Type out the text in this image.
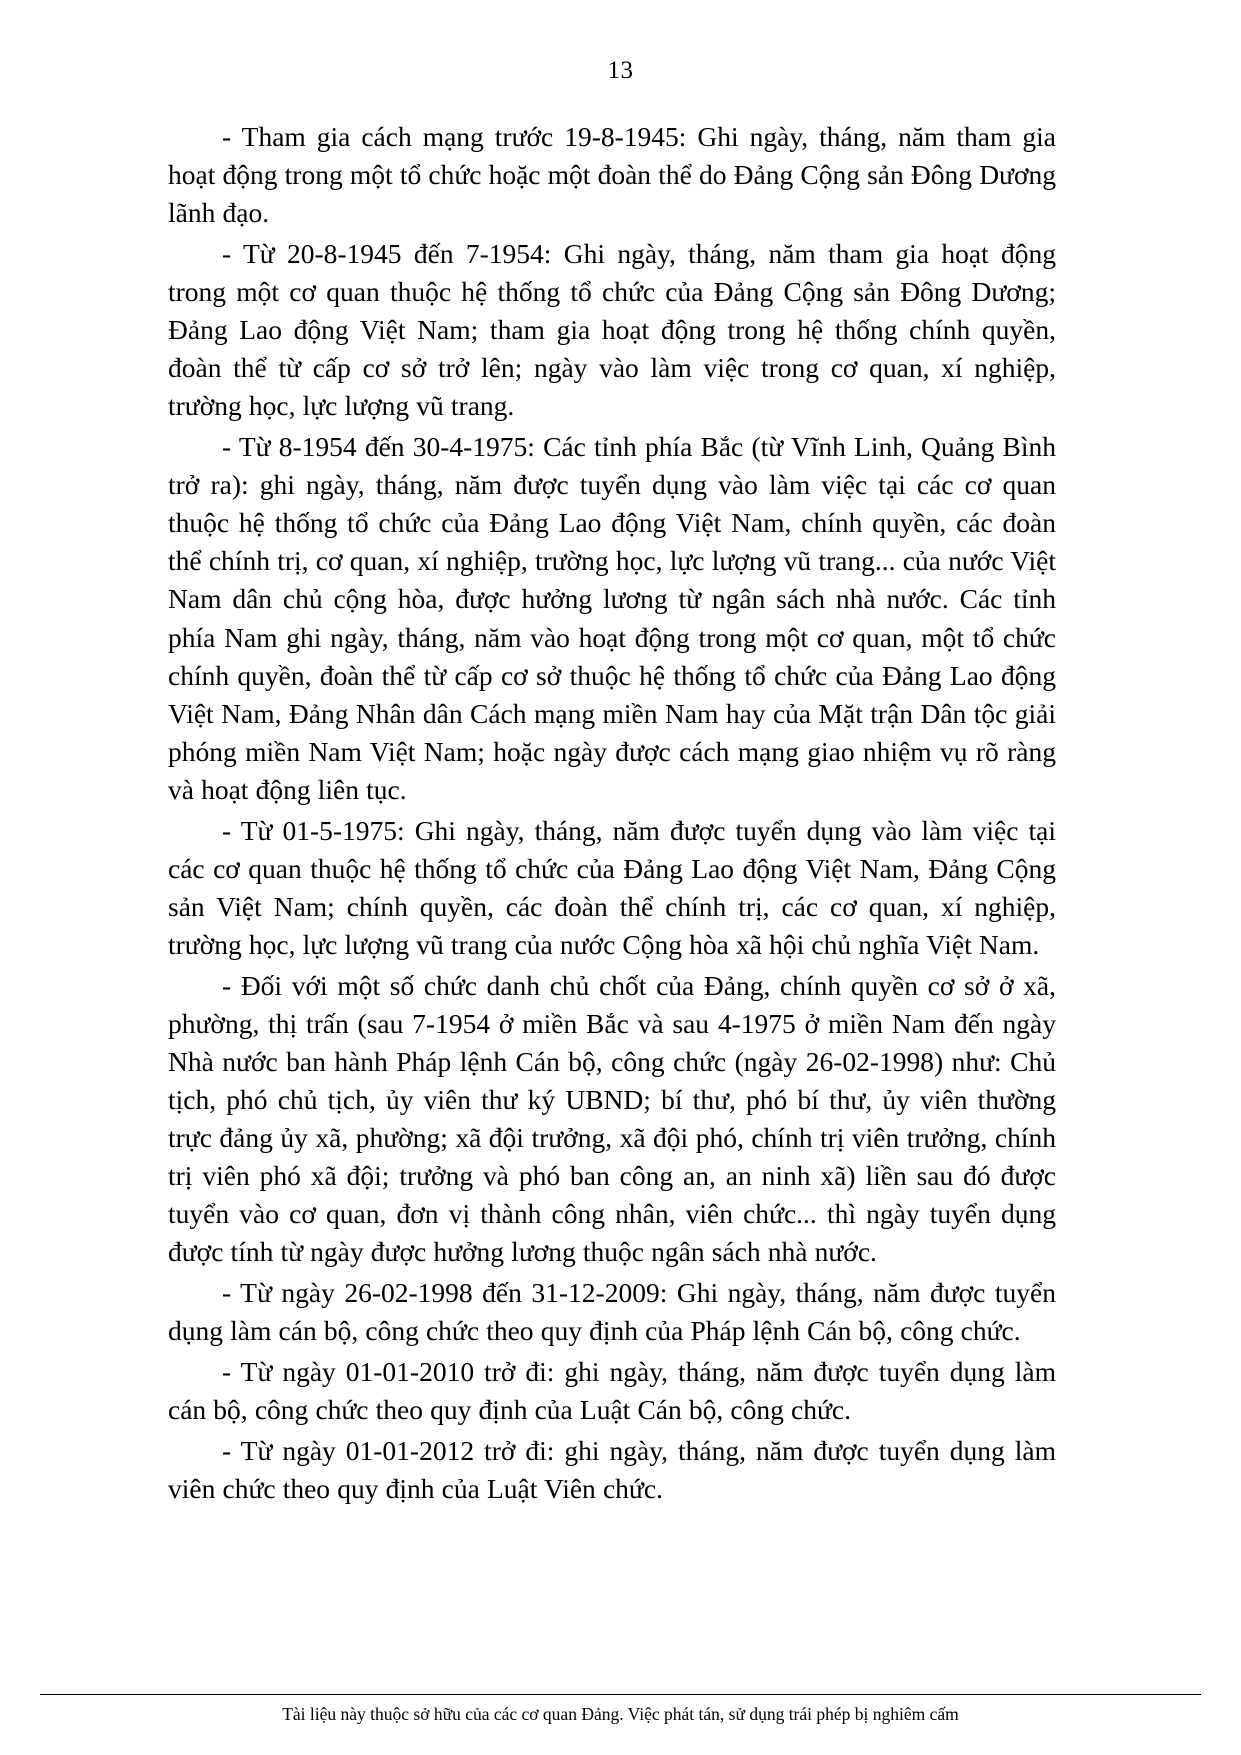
13

- Tham gia cách mạng trước 19-8-1945: Ghi ngày, tháng, năm tham gia hoạt động trong một tổ chức hoặc một đoàn thể do Đảng Cộng sản Đông Dương lãnh đạo.

- Từ 20-8-1945 đến 7-1954: Ghi ngày, tháng, năm tham gia hoạt động trong một cơ quan thuộc hệ thống tổ chức của Đảng Cộng sản Đông Dương; Đảng Lao động Việt Nam; tham gia hoạt động trong hệ thống chính quyền, đoàn thể từ cấp cơ sở trở lên; ngày vào làm việc trong cơ quan, xí nghiệp, trường học, lực lượng vũ trang.

- Từ 8-1954 đến 30-4-1975: Các tỉnh phía Bắc (từ Vĩnh Linh, Quảng Bình trở ra): ghi ngày, tháng, năm được tuyển dụng vào làm việc tại các cơ quan thuộc hệ thống tổ chức của Đảng Lao động Việt Nam, chính quyền, các đoàn thể chính trị, cơ quan, xí nghiệp, trường học, lực lượng vũ trang... của nước Việt Nam dân chủ cộng hòa, được hưởng lương từ ngân sách nhà nước. Các tỉnh phía Nam ghi ngày, tháng, năm vào hoạt động trong một cơ quan, một tổ chức chính quyền, đoàn thể từ cấp cơ sở thuộc hệ thống tổ chức của Đảng Lao động Việt Nam, Đảng Nhân dân Cách mạng miền Nam hay của Mặt trận Dân tộc giải phóng miền Nam Việt Nam; hoặc ngày được cách mạng giao nhiệm vụ rõ ràng và hoạt động liên tục.

- Từ 01-5-1975: Ghi ngày, tháng, năm được tuyển dụng vào làm việc tại các cơ quan thuộc hệ thống tổ chức của Đảng Lao động Việt Nam, Đảng Cộng sản Việt Nam; chính quyền, các đoàn thể chính trị, các cơ quan, xí nghiệp, trường học, lực lượng vũ trang của nước Cộng hòa xã hội chủ nghĩa Việt Nam.

- Đối với một số chức danh chủ chốt của Đảng, chính quyền cơ sở ở xã, phường, thị trấn (sau 7-1954 ở miền Bắc và sau 4-1975 ở miền Nam đến ngày Nhà nước ban hành Pháp lệnh Cán bộ, công chức (ngày 26-02-1998) như: Chủ tịch, phó chủ tịch, ủy viên thư ký UBND; bí thư, phó bí thư, ủy viên thường trực đảng ủy xã, phường; xã đội trưởng, xã đội phó, chính trị viên trưởng, chính trị viên phó xã đội; trưởng và phó ban công an, an ninh xã) liền sau đó được tuyển vào cơ quan, đơn vị thành công nhân, viên chức... thì ngày tuyển dụng được tính từ ngày được hưởng lương thuộc ngân sách nhà nước.

- Từ ngày 26-02-1998 đến 31-12-2009: Ghi ngày, tháng, năm được tuyển dụng làm cán bộ, công chức theo quy định của Pháp lệnh Cán bộ, công chức.

- Từ ngày 01-01-2010 trở đi: ghi ngày, tháng, năm được tuyển dụng làm cán bộ, công chức theo quy định của Luật Cán bộ, công chức.

- Từ ngày 01-01-2012 trở đi: ghi ngày, tháng, năm được tuyển dụng làm viên chức theo quy định của Luật Viên chức.

Tài liệu này thuộc sở hữu của các cơ quan Đảng. Việc phát tán, sử dụng trái phép bị nghiêm cấm
